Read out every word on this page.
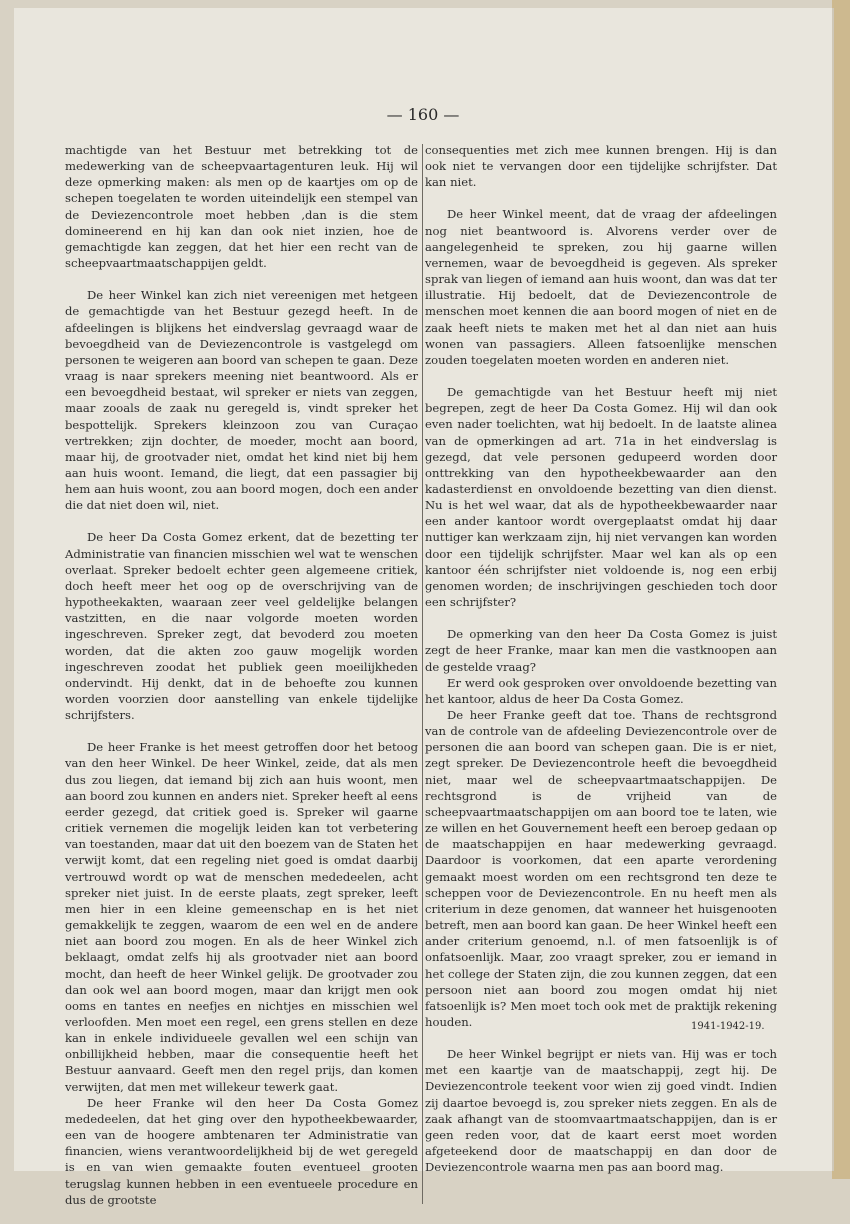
— 160 —

machtigde van het Bestuur met betrekking tot de medewerking van de scheepvaartagenturen leuk. Hij wil deze opmerking maken: als men op de kaartjes om op de schepen toegelaten te worden uiteindelijk een stempel van de Deviezencontrole moet hebben ,dan is die stem domineerend en hij kan dan ook niet inzien, hoe de gemachtigde kan zeggen, dat het hier een recht van de scheepvaartmaatschappijen geldt.

De heer Winkel kan zich niet vereenigen met hetgeen de gemachtigde van het Bestuur gezegd heeft. In de afdeelingen is blijkens het eindverslag gevraagd waar de bevoegdheid van de Deviezencontrole is vastgelegd om personen te weigeren aan boord van schepen te gaan. Deze vraag is naar sprekers meening niet beantwoord. Als er een bevoegdheid bestaat, wil spreker er niets van zeggen, maar zooals de zaak nu geregeld is, vindt spreker het bespottelijk. Sprekers kleinzoon zou van Curaçao vertrekken; zijn dochter, de moeder, mocht aan boord, maar hij, de grootvader niet, omdat het kind niet bij hem aan huis woont. Iemand, die liegt, dat een passagier bij hem aan huis woont, zou aan boord mogen, doch een ander die dat niet doen wil, niet.

De heer Da Costa Gomez erkent, dat de bezetting ter Administratie van financien misschien wel wat te wenschen overlaat. Spreker bedoelt echter geen algemeene critiek, doch heeft meer het oog op de overschrijving van de hypotheekakten, waaraan zeer veel geldelijke belangen vastzitten, en die naar volgorde moeten worden ingeschreven. Spreker zegt, dat bevoderd zou moeten worden, dat die akten zoo gauw mogelijk worden ingeschreven zoodat het publiek geen moeilijkheden ondervindt. Hij denkt, dat in de behoefte zou kunnen worden voorzien door aanstelling van enkele tijdelijke schrijfsters.

De heer Franke is het meest getroffen door het betoog van den heer Winkel. De heer Winkel, zeide, dat als men dus zou liegen, dat iemand bij zich aan huis woont, men aan boord zou kunnen en anders niet. Spreker heeft al eens eerder gezegd, dat critiek goed is. Spreker wil gaarne critiek vernemen die mogelijk leiden kan tot verbetering van toestanden, maar dat uit den boezem van de Staten het verwijt komt, dat een regeling niet goed is omdat daarbij vertrouwd wordt op wat de menschen mededeelen, acht spreker niet juist. In de eerste plaats, zegt spreker, leeft men hier in een kleine gemeenschap en is het niet gemakkelijk te zeggen, waarom de een wel en de andere niet aan boord zou mogen. En als de heer Winkel zich beklaagt, omdat zelfs hij als grootvader niet aan boord mocht, dan heeft de heer Winkel gelijk. De grootvader zou dan ook wel aan boord mogen, maar dan krijgt men ook ooms en tantes en neefjes en nichtjes en misschien wel verloofden. Men moet een regel, een grens stellen en deze kan in enkele individueele gevallen wel een schijn van onbillijkheid hebben, maar die consequentie heeft het Bestuur aanvaard. Geeft men den regel prijs, dan komen verwijten, dat men met willekeur tewerk gaat.

De heer Franke wil den heer Da Costa Gomez mededeelen, dat het ging over den hypotheekbewaarder, een van de hoogere ambtenaren ter Administratie van financien, wiens verantwoordelijkheid bij de wet geregeld is en van wien gemaakte fouten eventueel grooten terugslag kunnen hebben in een eventueele procedure en dus de grootste

consequenties met zich mee kunnen brengen. Hij is dan ook niet te vervangen door een tijdelijke schrijfster. Dat kan niet.

De heer Winkel meent, dat de vraag der afdeelingen nog niet beantwoord is. Alvorens verder over de aangelegenheid te spreken, zou hij gaarne willen vernemen, waar de bevoegdheid is gegeven. Als spreker sprak van liegen of iemand aan huis woont, dan was dat ter illustratie. Hij bedoelt, dat de Deviezencontrole de menschen moet kennen die aan boord mogen of niet en de zaak heeft niets te maken met het al dan niet aan huis wonen van passagiers. Alleen fatsoenlijke menschen zouden toegelaten moeten worden en anderen niet.

De gemachtigde van het Bestuur heeft mij niet begrepen, zegt de heer Da Costa Gomez. Hij wil dan ook even nader toelichten, wat hij bedoelt. In de laatste alinea van de opmerkingen ad art. 71a in het eindverslag is gezegd, dat vele personen gedupeerd worden door onttrekking van den hypotheekbewaarder aan den kadasterdienst en onvoldoende bezetting van dien dienst. Nu is het wel waar, dat als de hypotheekbewaarder naar een ander kantoor wordt overgeplaatst omdat hij daar nuttiger kan werkzaam zijn, hij niet vervangen kan worden door een tijdelijk schrijfster. Maar wel kan als op een kantoor één schrijfster niet voldoende is, nog een erbij genomen worden; de inschrijvingen geschieden toch door een schrijfster?

De opmerking van den heer Da Costa Gomez is juist zegt de heer Franke, maar kan men die vastknoopen aan de gestelde vraag?

Er werd ook gesproken over onvoldoende bezetting van het kantoor, aldus de heer Da Costa Gomez.

De heer Franke geeft dat toe. Thans de rechtsgrond van de controle van de afdeeling Deviezencontrole over de personen die aan boord van schepen gaan. Die is er niet, zegt spreker. De Deviezencontrole heeft die bevoegdheid niet, maar wel de scheepvaartmaatschappijen. De rechtsgrond is de vrijheid van de scheepvaartmaatschappijen om aan boord toe te laten, wie ze willen en het Gouvernement heeft een beroep gedaan op de maatschappijen en haar medewerking gevraagd. Daardoor is voorkomen, dat een aparte verordening gemaakt moest worden om een rechtsgrond ten deze te scheppen voor de Deviezencontrole. En nu heeft men als criterium in deze genomen, dat wanneer het huisgenooten betreft, men aan boord kan gaan. De heer Winkel heeft een ander criterium genoemd, n.l. of men fatsoenlijk is of onfatsoenlijk. Maar, zoo vraagt spreker, zou er iemand in het college der Staten zijn, die zou kunnen zeggen, dat een persoon niet aan boord zou mogen omdat hij niet fatsoenlijk is? Men moet toch ook met de praktijk rekening houden.

De heer Winkel begrijpt er niets van. Hij was er toch met een kaartje van de maatschappij, zegt hij. De Deviezencontrole teekent voor wien zij goed vindt. Indien zij daartoe bevoegd is, zou spreker niets zeggen. En als de zaak afhangt van de stoomvaartmaatschappijen, dan is er geen reden voor, dat de kaart eerst moet worden afgeteekend door de maatschappij en dan door de Deviezencontrole waarna men pas aan boord mag.

1941-1942-19.
